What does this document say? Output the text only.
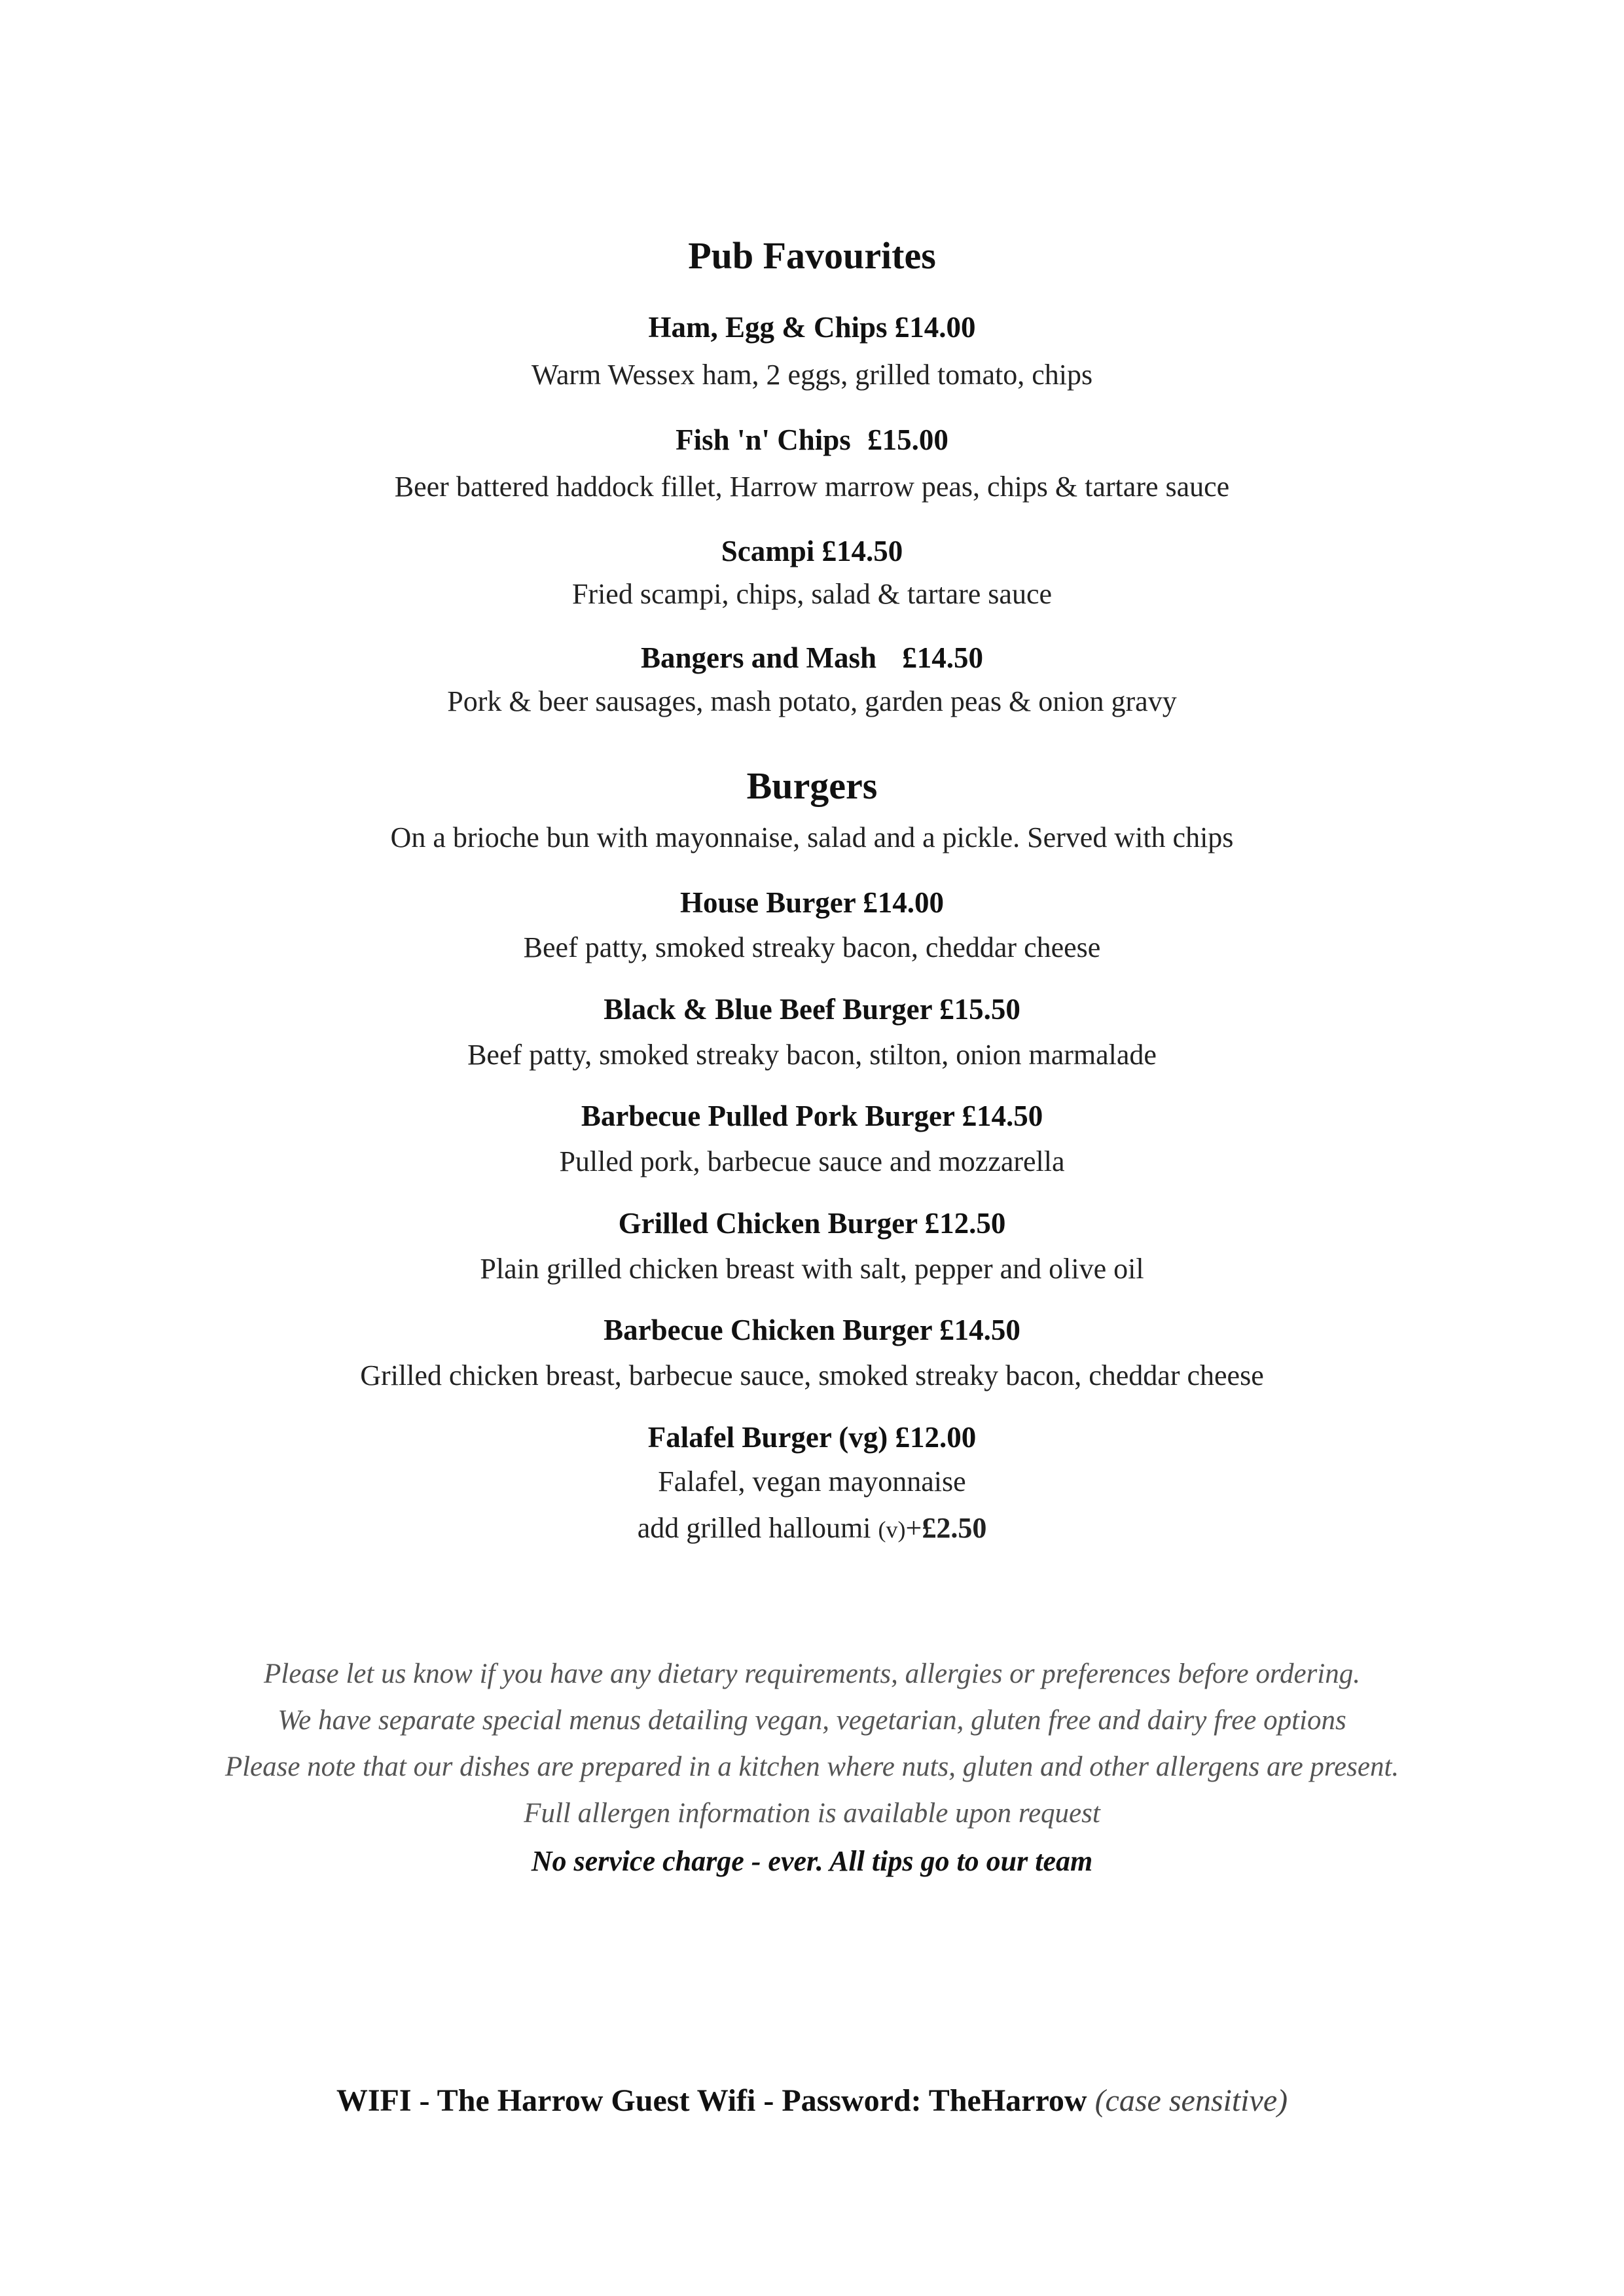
Pub Favourites
Ham, Egg & Chips £14.00
Warm Wessex ham, 2 eggs, grilled tomato, chips
Fish 'n' Chips £15.00
Beer battered haddock fillet, Harrow marrow peas, chips & tartare sauce
Scampi £14.50
Fried scampi, chips, salad & tartare sauce
Bangers and Mash £14.50
Pork & beer sausages, mash potato, garden peas & onion gravy
Burgers
On a brioche bun with mayonnaise, salad and a pickle. Served with chips
House Burger £14.00
Beef patty, smoked streaky bacon, cheddar cheese
Black & Blue Beef Burger £15.50
Beef patty, smoked streaky bacon, stilton, onion marmalade
Barbecue Pulled Pork Burger £14.50
Pulled pork, barbecue sauce and mozzarella
Grilled Chicken Burger £12.50
Plain grilled chicken breast with salt, pepper and olive oil
Barbecue Chicken Burger £14.50
Grilled chicken breast, barbecue sauce, smoked streaky bacon, cheddar cheese
Falafel Burger (vg) £12.00
Falafel, vegan mayonnaise
add grilled halloumi (v)+£2.50
Please let us know if you have any dietary requirements, allergies or preferences before ordering.
We have separate special menus detailing vegan, vegetarian, gluten free and dairy free options
Please note that our dishes are prepared in a kitchen where nuts, gluten and other allergens are present.
Full allergen information is available upon request
No service charge - ever. All tips go to our team
WIFI - The Harrow Guest Wifi - Password: TheHarrow (case sensitive)
